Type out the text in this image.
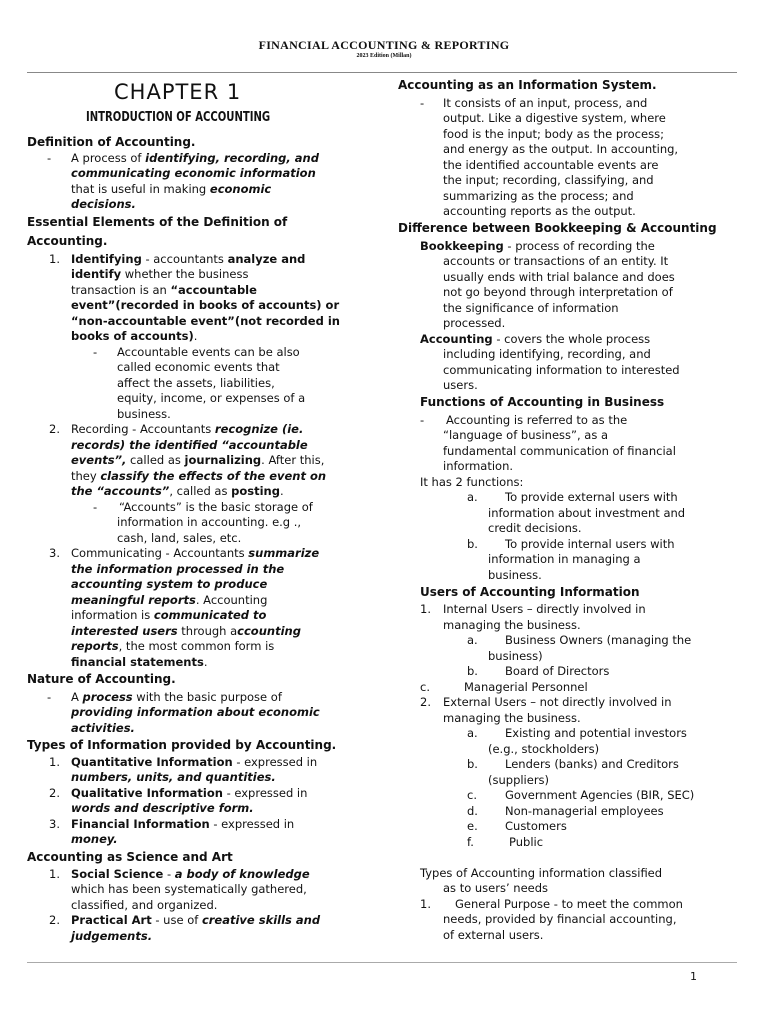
FINANCIAL ACCOUNTING & REPORTING
2023 Edition (Millan)
CHAPTER 1
INTRODUCTION OF ACCOUNTING
Definition of Accounting.
- A process of identifying, recording, and
communicating economic information
that is useful in making economic
decisions.
Essential Elements of the Definition of
Accounting.
1. Identifying - accountants analyze and
identify whether the business
transaction is an “accountable
event”(recorded in books of accounts) or
“non-accountable event”(not recorded in
books of accounts).
- Accountable events can be also
called economic events that
affect the assets, liabilities,
equity, income, or expenses of a
business.
2. Recording - Accountants recognize (ie.
records) the identified “accountable
events”, called as journalizing. After this,
they classify the effects of the event on
the “accounts”, called as posting.
- “Accounts” is the basic storage of
information in accounting. e.g .,
cash, land, sales, etc.
3. Communicating - Accountants summarize
the information processed in the
accounting system to produce
meaningful reports. Accounting
information is communicated to
interested users through accounting
reports, the most common form is
financial statements.
Nature of Accounting.
- A process with the basic purpose of
providing information about economic
activities.
Types of Information provided by Accounting.
1. Quantitative Information - expressed in
numbers, units, and quantities.
2. Qualitative Information - expressed in
words and descriptive form.
3. Financial Information - expressed in
money.
Accounting as Science and Art
1. Social Science - a body of knowledge
which has been systematically gathered,
classified, and organized.
2. Practical Art - use of creative skills and
judgements.
Accounting as an Information System.
- It consists of an input, process, and
output. Like a digestive system, where
food is the input; body as the process;
and energy as the output. In accounting,
the identified accountable events are
the input; recording, classifying, and
summarizing as the process; and
accounting reports as the output.
Difference between Bookkeeping & Accounting
Bookkeeping - process of recording the
accounts or transactions of an entity. It
usually ends with trial balance and does
not go beyond through interpretation of
the significance of information
processed.
Accounting - covers the whole process
including identifying, recording, and
communicating information to interested
users.
Functions of Accounting in Business
- Accounting is referred to as the
“language of business”, as a
fundamental communication of financial
information.
It has 2 functions:
a. To provide external users with
information about investment and
credit decisions.
b. To provide internal users with
information in managing a
business.
Users of Accounting Information
1. Internal Users – directly involved in
managing the business.
a. Business Owners (managing the
business)
b. Board of Directors
c.	Managerial Personnel
2. External Users – not directly involved in
managing the business.
a. Existing and potential investors
(e.g., stockholders)
b. Lenders (banks) and Creditors
(suppliers)
c. Government Agencies (BIR, SEC)
d. Non-managerial employees
e. Customers
f.	Public
Types of Accounting information classified
as to users’ needs
1. General Purpose - to meet the common
needs, provided by financial accounting,
of external users.
1
